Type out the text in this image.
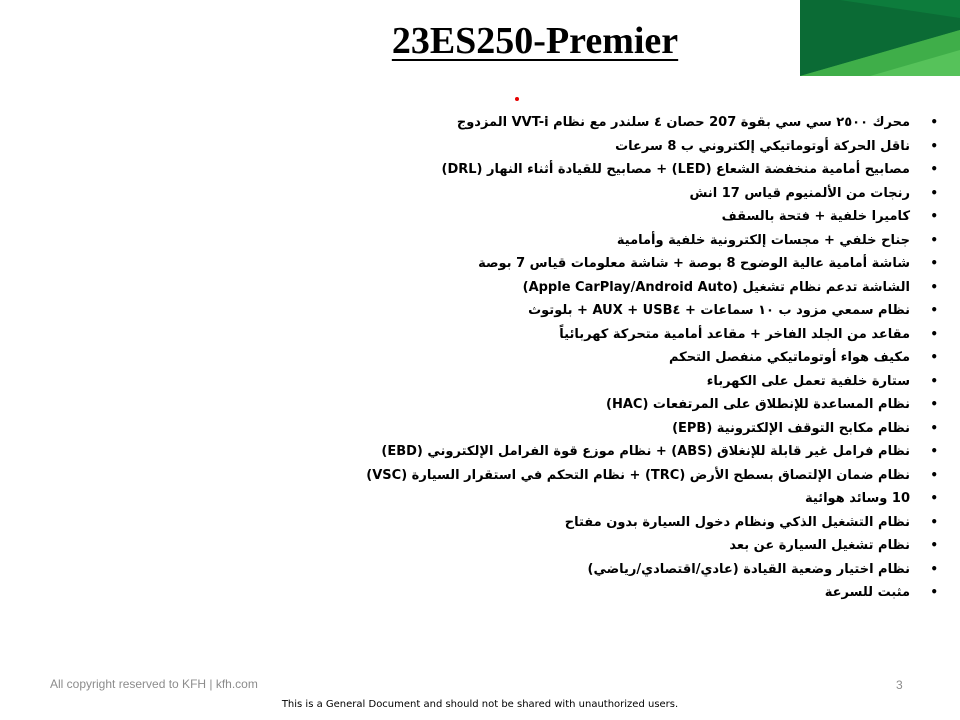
23ES250-Premier
•
محرك ٢٥٠٠ سي سي بقوة 207 حصان ٤ سلندر مع نظام VVT-i المزدوج
•
ناقل الحركة أوتوماتيكي إلكتروني ب 8 سرعات
•
مصابيح أمامية منخفضة الشعاع (LED) + مصابيح للقيادة أثناء النهار (DRL)
•
رنجات من الألمنيوم قياس 17 انش
•
كاميرا خلفية + فتحة بالسقف
•
جناح خلفي + مجسات إلكترونية خلفية وأمامية
•
شاشة أمامية عالية الوضوح 8 بوصة + شاشة معلومات قياس 7 بوصة
•
الشاشة تدعم نظام تشغيل (Apple CarPlay/Android Auto)
•
نظام سمعي مزود ب ١٠ سماعات + AUX + USB٤ + بلوتوث
•
مقاعد من الجلد الفاخر + مقاعد أمامية متحركة كهربائياً
•
مكيف هواء أوتوماتيكي منفصل التحكم
•
ستارة خلفية تعمل على الكهرباء
•
نظام المساعدة للإنطلاق على المرتفعات (HAC)
•
نظام مكابح التوقف الإلكترونية (EPB)
•
نظام فرامل غير قابلة للإنغلاق (ABS) + نظام موزع قوة الفرامل الإلكتروني (EBD)
•
نظام ضمان الإلتصاق بسطح الأرض (TRC) + نظام التحكم في استقرار السيارة (VSC)
•
10 وسائد هوائية
•
نظام التشغيل الذكي ونظام دخول السيارة بدون مفتاح
•
نظام تشغيل السيارة عن بعد
•
نظام اختيار وضعية القيادة (عادي/اقتصادي/رياضي)
•
مثبت للسرعة
All copyright reserved to KFH | kfh.com	3
This is a General Document and should not be shared with unauthorized users.
